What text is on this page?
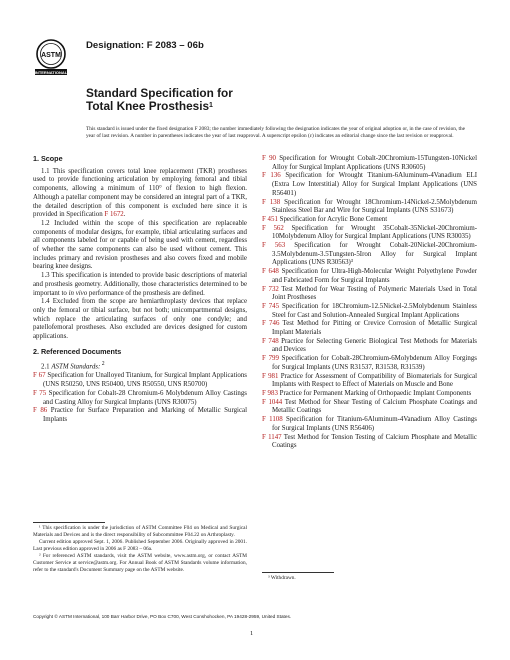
ASTM
INTERNATIONAL
Designation: F 2083 – 06b
Standard Specification for
Total Knee Prosthesis$^1$
This standard is issued under the fixed designation F 2083; the number immediately following the designation indicates the year of original adoption or, in the case of revision, the year of last revision. A number in parentheses indicates the year of last reapproval. A superscript epsilon (ε) indicates an editorial change since the last revision or reapproval.
1. Scope

1.1 This specification covers total knee replacement (TKR) prostheses used to provide functioning articulation by employing femoral and tibial components, allowing a minimum of 110° of flexion to high flexion. Although a patellar component may be considered an integral part of a TKR, the detailed description of this component is excluded here since it is provided in Specification F 1672.

1.2 Included within the scope of this specification are replaceable components of modular designs, for example, tibial articulating surfaces and all components labeled for or capable of being used with cement, regardless of whether the same components can also be used without cement. This includes primary and revision prostheses and also covers fixed and mobile bearing knee designs.

1.3 This specification is intended to provide basic descriptions of material and prosthesis geometry. Additionally, those characteristics determined to be important to in vivo performance of the prosthesis are defined.

1.4 Excluded from the scope are hemiarthroplasty devices that replace only the femoral or tibial surface, but not both; unicompartmental designs, which replace the articulating surfaces of only one condyle; and patellofemoral prostheses. Also excluded are devices designed for custom applications.

2. Referenced Documents

2.1 ASTM Standards: $^2$

F 67 Specification for Unalloyed Titanium, for Surgical Implant Applications (UNS R50250, UNS R50400, UNS R50550, UNS R50700)

F 75 Specification for Cobalt-28 Chromium-6 Molybdenum Alloy Castings and Casting Alloy for Surgical Implants (UNS R30075)

F 86 Practice for Surface Preparation and Marking of Metallic Surgical Implants

F 90 Specification for Wrought Cobalt-20Chromium-15Tungsten-10Nickel Alloy for Surgical Implant Applications (UNS R30605)

F 136 Specification for Wrought Titanium-6Aluminum-4Vanadium ELI (Extra Low Interstitial) Alloy for Surgical Implant Applications (UNS R56401)

F 138 Specification for Wrought 18Chromium-14Nickel-2.5Molybdenum Stainless Steel Bar and Wire for Surgical Implants (UNS S31673)

F 451 Specification for Acrylic Bone Cement

F 562 Specification for Wrought 35Cobalt-35Nickel-20Chromium-10Molybdenum Alloy for Surgical Implant Applications (UNS R30035)

F 563 Specification for Wrought Cobalt-20Nickel-20Chromium-3.5Molybdenum-3.5Tungsten-5Iron Alloy for Surgical Implant Applications (UNS R30563)³

F 648 Specification for Ultra-High-Molecular Weight Polyethylene Powder and Fabricated Form for Surgical Implants

F 732 Test Method for Wear Testing of Polymeric Materials Used in Total Joint Prostheses

F 745 Specification for 18Chromium-12.5Nickel-2.5Molybdenum Stainless Steel for Cast and Solution-Annealed Surgical Implant Applications

F 746 Test Method for Pitting or Crevice Corrosion of Metallic Surgical Implant Materials

F 748 Practice for Selecting Generic Biological Test Methods for Materials and Devices

F 799 Specification for Cobalt-28Chromium-6Molybdenum Alloy Forgings for Surgical Implants (UNS R31537, R31538, R31539)

F 981 Practice for Assessment of Compatibility of Biomaterials for Surgical Implants with Respect to Effect of Materials on Muscle and Bone

F 983 Practice for Permanent Marking of Orthopaedic Implant Components

F 1044 Test Method for Shear Testing of Calcium Phosphate Coatings and Metallic Coatings

F 1108 Specification for Titanium-6Aluminum-4Vanadium Alloy Castings for Surgical Implants (UNS R56406)

F 1147 Test Method for Tension Testing of Calcium Phosphate and Metallic Coatings

¹ This specification is under the jurisdiction of ASTM Committee F04 on Medical and Surgical Materials and Devices and is the direct responsibility of Subcommittee F04.22 on Arthroplasty.

Current edition approved Sept. 1, 2006. Published September 2006. Originally approved in 2001. Last previous edition approved in 2006 as F 2083 – 06a.

² For referenced ASTM standards, visit the ASTM website, www.astm.org, or contact ASTM Customer Service at service@astm.org. For Annual Book of ASTM Standards volume information, refer to the standard's Document Summary page on the ASTM website.

³ Withdrawn.

Copyright © ASTM International, 100 Barr Harbor Drive, PO Box C700, West Conshohocken, PA 19428-2959, United States.
1
